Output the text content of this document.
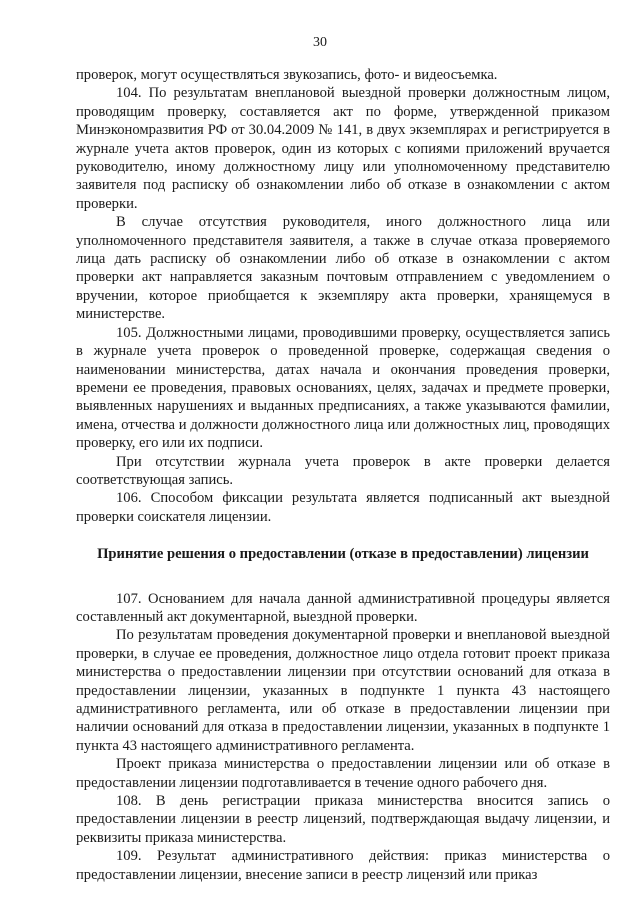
30

проверок, могут осуществляться звукозапись, фото- и видеосъемка.

104. По результатам внеплановой выездной проверки должностным лицом, проводящим проверку, составляется акт по форме, утвержденной приказом Минэкономразвития РФ от 30.04.2009 № 141, в двух экземплярах и регистрируется в журнале учета актов проверок, один из которых с копиями приложений вручается руководителю, иному должностному лицу или уполномоченному представителю заявителя под расписку об ознакомлении либо об отказе в ознакомлении с актом проверки.

В случае отсутствия руководителя, иного должностного лица или уполномоченного представителя заявителя, а также в случае отказа проверяемого лица дать расписку об ознакомлении либо об отказе в ознакомлении с актом проверки акт направляется заказным почтовым отправлением с уведомлением о вручении, которое приобщается к экземпляру акта проверки, хранящемуся в министерстве.

105. Должностными лицами, проводившими проверку, осуществляется запись в журнале учета проверок о проведенной проверке, содержащая сведения о наименовании министерства, датах начала и окончания проведения проверки, времени ее проведения, правовых основаниях, целях, задачах и предмете проверки, выявленных нарушениях и выданных предписаниях, а также указываются фамилии, имена, отчества и должности должностного лица или должностных лиц, проводящих проверку, его или их подписи.

При отсутствии журнала учета проверок в акте проверки делается соответствующая запись.

106. Способом фиксации результата является подписанный акт выездной проверки соискателя лицензии.

Принятие решения о предоставлении (отказе в предоставлении) лицензии

107. Основанием для начала данной административной процедуры является составленный акт документарной, выездной проверки.

По результатам проведения документарной проверки и внеплановой выездной проверки, в случае ее проведения, должностное лицо отдела готовит проект приказа министерства о предоставлении лицензии при отсутствии оснований для отказа в предоставлении лицензии, указанных в подпункте 1 пункта 43 настоящего административного регламента, или об отказе в предоставлении лицензии при наличии оснований для отказа в предоставлении лицензии, указанных в подпункте 1 пункта 43 настоящего административного регламента.

Проект приказа министерства о предоставлении лицензии или об отказе в предоставлении лицензии подготавливается в течение одного рабочего дня.

108. В день регистрации приказа министерства вносится запись о предоставлении лицензии в реестр лицензий, подтверждающая выдачу лицензии, и реквизиты приказа министерства.

109. Результат административного действия: приказ министерства о предоставлении лицензии, внесение записи в реестр лицензий или приказ
